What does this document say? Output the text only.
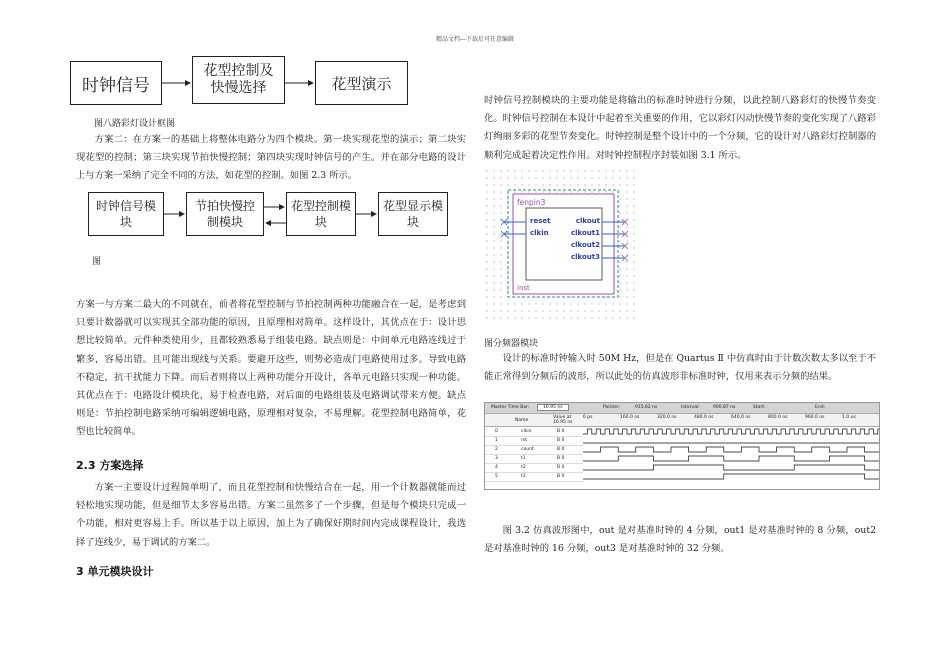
精品文档---下载后可任意编辑
时钟信号
花型控制及
快慢选择	花型演示
图八路彩灯设计框图
方案二：在方案一的基础上将整体电路分为四个模块。第一块实现花型的演示；第二块实现花型的控制；第三块实现节拍快慢控制；第四块实现时钟信号的产生。并在部分电路的设计上与方案一采纳了完全不同的方法，如花型的控制。如图 2.3 所示。
时钟信号模
块
节拍快慢控
制模块
花型控制模
块
花型显示模
块
图
方案一与方案二最大的不同就在，前者将花型控制与节拍控制两种功能融合在一起，是考虑到只要计数器就可以实现其全部功能的原因，且原理相对简单。这样设计，其优点在于：设计思想比较简单。元件种类使用少，且都较熟悉易于组装电路。缺点则是：中间单元电路连线过于繁多，容易出错。且可能出现线与关系。要避开这些，则势必造成门电路使用过多。导致电路不稳定，抗干扰能力下降。而后者则将以上两种功能分开设计，各单元电路只实现一种功能。其优点在于：电路设计模块化，易于检查电路，对后面的电路组装及电路调试带来方便。缺点则是：节拍控制电路采纳可编辑逻辑电路，原理相对复杂，不易理解。花型控制电路简单，花型也比较简单。
2.3 方案选择
方案一主要设计过程简单明了，而且花型控制和快慢结合在一起，用一个计数器就能而过轻松地实现功能，但是细节太多容易出错。方案二虽然多了一个步骤，但是每个模块只完成一个功能，相对更容易上手。所以基于以上原因，加上为了确保好期时间内完成课程设计，我选择了连线少，易于调试的方案二。
3 单元模块设计
时钟信号控制模块的主要功能是将输出的标准时钟进行分频，以此控制八路彩灯的快慢节奏变化。时钟信号控制在本设计中起着至关重要的作用，它以彩灯闪动快慢节奏的变化实现了八路彩灯绚丽多彩的花型节奏变化。时钟控制是整个设计中的一个分频，它的设计对八路彩灯控制器的顺利完成起着决定性作用。对时钟控制程序封装如图 3.1 所示。
fenpin3
reset
clkin
clkout
clkout1
clkout2
clkout3
inst
图分频器模块
设计的标准时钟输入时 50M Hz，但是在 Quartus Ⅱ 中仿真时由于计数次数太多以至于不能正常得到分频后的波形，所以此处的仿真波形非标准时钟，仅用来表示分频的结果。
Master Time Bar:	16.95 ns	Pointer:	915.62 ns	Interval:	900.87 ns	Start:	End:
Name
Value at 16.95 ns
0 ps	160.0 ns	320.0 ns	480.0 ns	640.0 ns	800.0 ns	960.0 ns	1.0 us
0	clkin	B 0
1	rst	B 0
2	count	B 0
3	t1	B 0
4	t2	B 0
5	t3	B 0
图 3.2 仿真波形图中，out 是对基准时钟的 4 分频，out1 是对基准时钟的 8 分频，out2 是对基准时钟的 16 分频，out3 是对基准时钟的 32 分频。
